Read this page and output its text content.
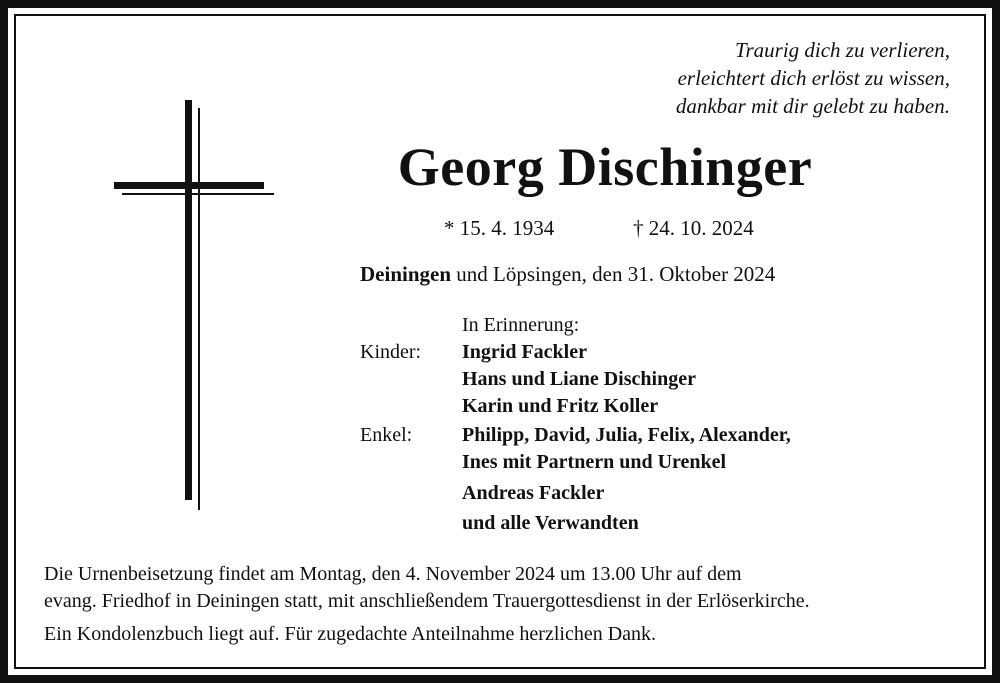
Traurig dich zu verlieren,
erleichtert dich erlöst zu wissen,
dankbar mit dir gelebt zu haben.
Georg Dischinger
* 15. 4. 1934	† 24. 10. 2024
Deiningen und Löpsingen, den 31. Oktober 2024
In Erinnerung:
Kinder: Ingrid Fackler
Hans und Liane Dischinger
Karin und Fritz Koller
Enkel: Philipp, David, Julia, Felix, Alexander,
Ines mit Partnern und Urenkel
Andreas Fackler
und alle Verwandten
Die Urnenbeisetzung findet am Montag, den 4. November 2024 um 13.00 Uhr auf dem
evang. Friedhof in Deiningen statt, mit anschließendem Trauergottesdienst in der Erlöserkirche.
Ein Kondolenzbuch liegt auf. Für zugedachte Anteilnahme herzlichen Dank.
